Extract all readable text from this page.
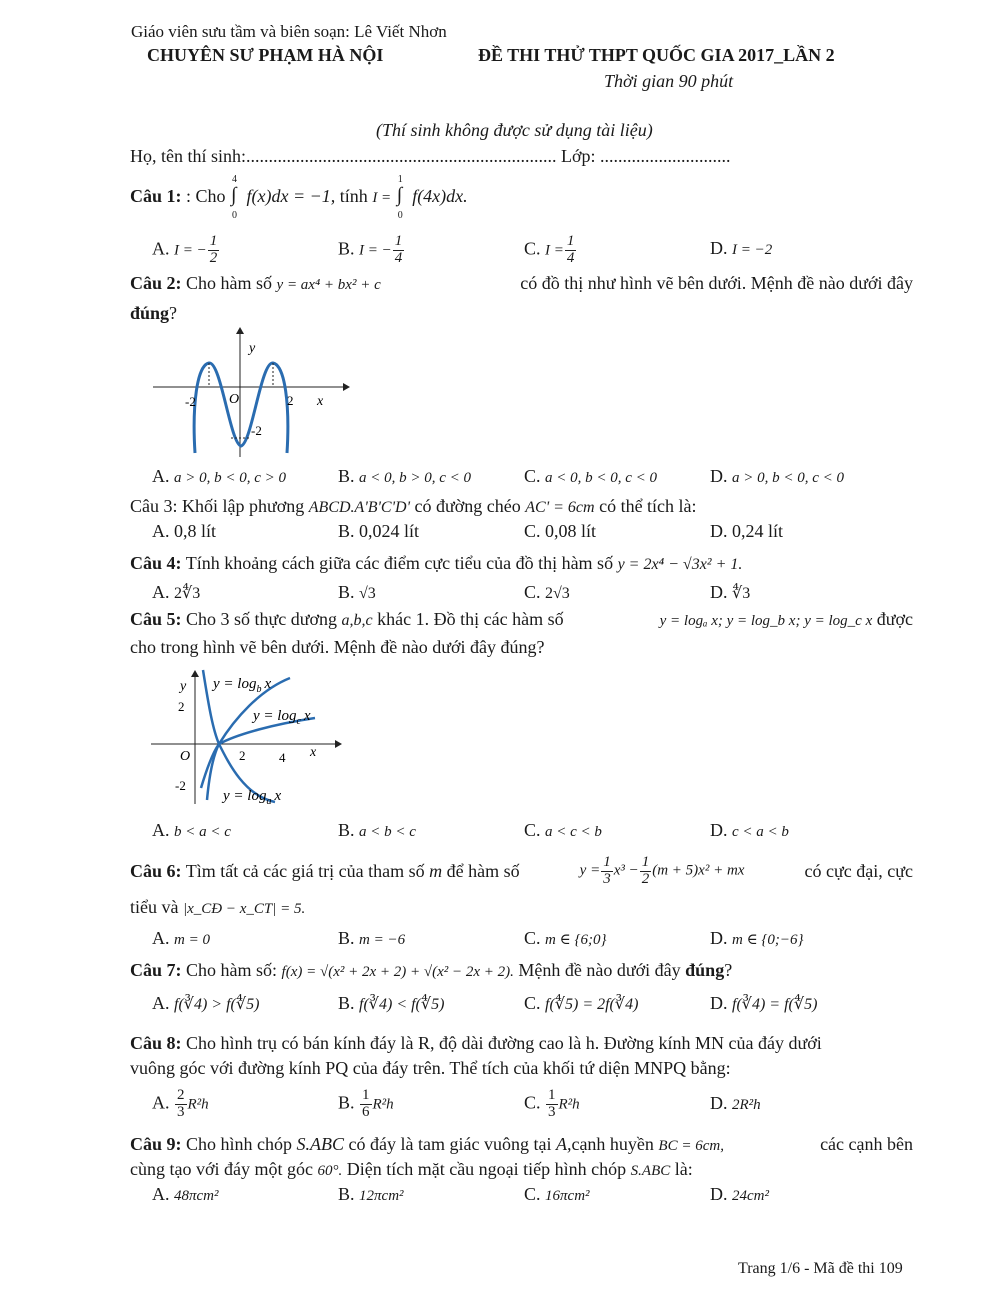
Giáo viên sưu tầm và biên soạn: Lê Viết Nhơn
CHUYÊN SƯ PHẠM HÀ NỘI	ĐỀ THI THỬ THPT QUỐC GIA 2017_LẦN 2
Thời gian 90 phút
(Thí sinh không được sử dụng tài liệu)
Họ, tên thí sinh:..................................................................... Lớp: .............................
Câu 1: : Cho ∫
4
0
f(x)dx = −1, tính I = ∫
1
0
f(4x)dx.
A. I = − $\frac{1}{2}$	B. I = − $\frac{1}{4}$	C. $I = \frac{1}{4}$	D. I = −2
Câu 2: Cho hàm số y = ax⁴ + bx² + c	có đồ thị như hình vẽ bên dưới. Mệnh đề nào dưới đây
đúng?
y
x
O
-2	2
-2
A. a > 0, b < 0, c > 0	B. a < 0, b > 0, c < 0	C. a < 0, b < 0, c < 0	D. a > 0, b < 0, c < 0
Câu 3: Khối lập phương ABCD.A'B'C'D' có đường chéo AC' = 6cm có thể tích là:
A. 0,8 lít	B. 0,024 lít	C. 0,08 lít	D. 0,24 lít
Câu 4: Tính khoảng cách giữa các điểm cực tiểu của đồ thị hàm số y = 2x⁴ − √3x² + 1.
A. 2∜3	B. √3	C. 2√3	D. ∜3
Câu 5: Cho 3 số thực dương a,b,c khác 1. Đồ thị các hàm số	y = logₐ x; y = log_b x; y = log_c x được
cho trong hình vẽ bên dưới. Mệnh đề nào dưới đây đúng?
y
x
O
2
-2
2	4
$y = \log_b x$
$y = \log_c x$
$y = \log_a x$
A. b < a < c	B. a < b < c	C. a < c < b	D. c < a < b
Câu 6: Tìm tất cả các giá trị của tham số m để hàm số	$y = \frac{1}{3} x^3 - \frac{1}{2} (m + 5)x^2$ + mx	có cực đại, cực
tiểu và |x_CĐ − x_CT| = 5.
A. m = 0	B. m = −6	C. m ∈ {6;0}	D. m ∈ {0;−6}
Câu 7: Cho hàm số: f(x) = √(x² + 2x + 2) + √(x² − 2x + 2). Mệnh đề nào dưới đây đúng?
A. f(∛4) > f(∜5)	B. f(∛4) < f(∜5)	C. f(∜5) = 2f(∛4)	D. f(∛4) = f(∜5)
Câu 8: Cho hình trụ có bán kính đáy là R, độ dài đường cao là h. Đường kính MN của đáy dưới
vuông góc với đường kính PQ của đáy trên. Thể tích của khối tứ diện MNPQ bằng:
A. $\frac{2}{3} R^2h$	B. $\frac{1}{6} R^2h$	C. $\frac{1}{3} R^2h$	D. 2R²h
Câu 9: Cho hình chóp S.ABC có đáy là tam giác vuông tại A,cạnh huyền BC = 6cm,	các cạnh bên
cùng tạo với đáy một góc 60°. Diện tích mặt cầu ngoại tiếp hình chóp S.ABC là:
A. 48πcm²	B. 12πcm²	C. 16πcm²	D. 24cm²
Trang 1/6 - Mã đề thi 109
